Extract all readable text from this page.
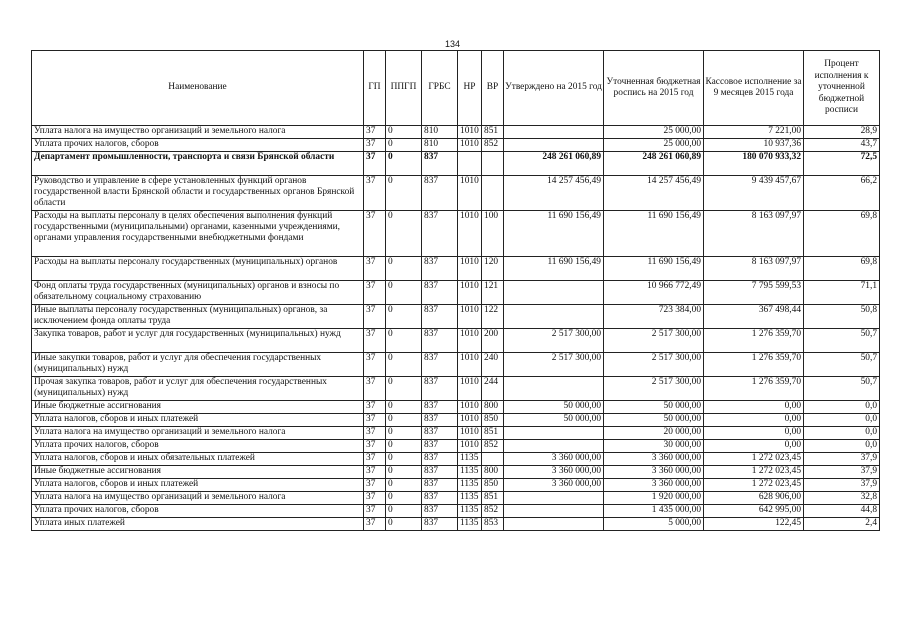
134
Наименование	ГП	ППГП	ГРБС	НР	ВР	Утверждено на 2015 год	Уточненная бюджетная роспись на 2015 год	Кассовое исполнение за 9 месяцев 2015 года	Процент исполнения к уточненной бюджетной росписи
Уплата налога на имущество организаций и земельного налога	37	0	810	1010	851		25 000,00	7 221,00	28,9
Уплата прочих налогов, сборов	37	0	810	1010	852		25 000,00	10 937,36	43,7
Департамент промышленности, транспорта и связи Брянской области	37	0	837			248 261 060,89	248 261 060,89	180 070 933,32	72,5
Руководство и управление в сфере установленных функций органов государственной власти Брянской области и государственных органов Брянской области	37	0	837	1010		14 257 456,49	14 257 456,49	9 439 457,67	66,2
Расходы на выплаты персоналу в целях обеспечения выполнения функций государственными (муниципальными) органами, казенными учреждениями, органами управления государственными внебюджетными фондами	37	0	837	1010	100	11 690 156,49	11 690 156,49	8 163 097,97	69,8
Расходы на выплаты персоналу государственных (муниципальных) органов	37	0	837	1010	120	11 690 156,49	11 690 156,49	8 163 097,97	69,8
Фонд оплаты труда государственных (муниципальных) органов и взносы по обязательному социальному страхованию	37	0	837	1010	121		10 966 772,49	7 795 599,53	71,1
Иные выплаты персоналу государственных (муниципальных) органов, за исключением фонда оплаты труда	37	0	837	1010	122		723 384,00	367 498,44	50,8
Закупка товаров, работ и услуг для государственных (муниципальных) нужд	37	0	837	1010	200	2 517 300,00	2 517 300,00	1 276 359,70	50,7
Иные закупки товаров, работ и услуг для обеспечения государственных (муниципальных) нужд	37	0	837	1010	240	2 517 300,00	2 517 300,00	1 276 359,70	50,7
Прочая закупка товаров, работ и услуг для обеспечения государственных (муниципальных) нужд	37	0	837	1010	244		2 517 300,00	1 276 359,70	50,7
Иные бюджетные ассигнования	37	0	837	1010	800	50 000,00	50 000,00	0,00	0,0
Уплата налогов, сборов и иных платежей	37	0	837	1010	850	50 000,00	50 000,00	0,00	0,0
Уплата налога на имущество организаций и земельного налога	37	0	837	1010	851		20 000,00	0,00	0,0
Уплата прочих налогов, сборов	37	0	837	1010	852		30 000,00	0,00	0,0
Уплата налогов, сборов и иных обязательных платежей	37	0	837	1135		3 360 000,00	3 360 000,00	1 272 023,45	37,9
Иные бюджетные ассигнования	37	0	837	1135	800	3 360 000,00	3 360 000,00	1 272 023,45	37,9
Уплата налогов, сборов и иных платежей	37	0	837	1135	850	3 360 000,00	3 360 000,00	1 272 023,45	37,9
Уплата налога на имущество организаций и земельного налога	37	0	837	1135	851		1 920 000,00	628 906,00	32,8
Уплата прочих налогов, сборов	37	0	837	1135	852		1 435 000,00	642 995,00	44,8
Уплата иных платежей	37	0	837	1135	853		5 000,00	122,45	2,4
